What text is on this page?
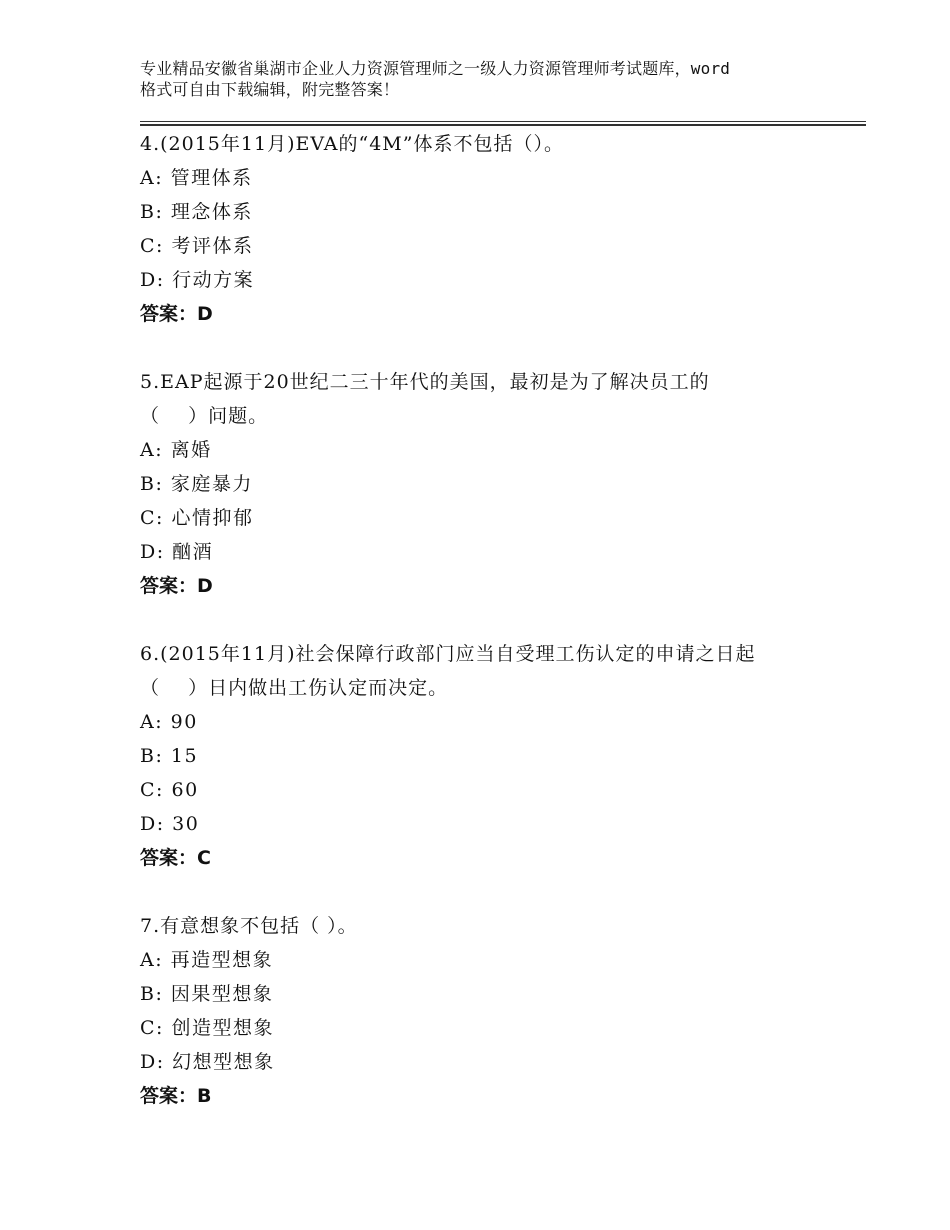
专业精品安徽省巢湖市企业人力资源管理师之一级人力资源管理师考试题库，word
格式可自由下载编辑，附完整答案！
4.(2015年11月)EVA的“4M”体系不包括（）。
A: 管理体系
B: 理念体系
C: 考评体系
D: 行动方案
答案：D
5.EAP起源于20世纪二三十年代的美国，最初是为了解决员工的
（    ）问题。
A: 离婚
B: 家庭暴力
C: 心情抑郁
D: 酗酒
答案：D
6.(2015年11月)社会保障行政部门应当自受理工伤认定的申请之日起
（    ）日内做出工伤认定而决定。
A: 90
B: 15
C: 60
D: 30
答案：C
7.有意想象不包括（ ）。
A: 再造型想象
B: 因果型想象
C: 创造型想象
D: 幻想型想象
答案：B
